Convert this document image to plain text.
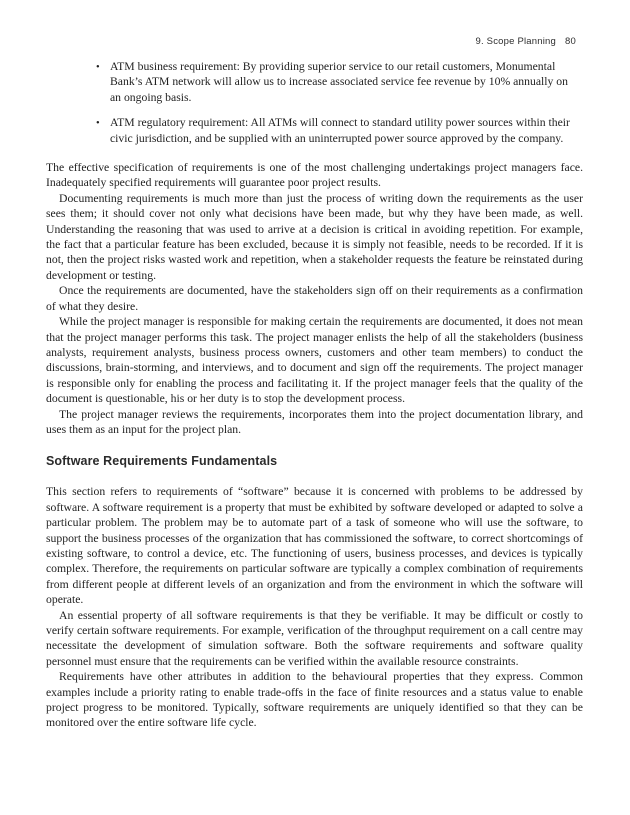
9. Scope Planning 80
• ATM business requirement: By providing superior service to our retail customers, Monumental Bank’s ATM network will allow us to increase associated service fee revenue by 10% annually on an ongoing basis.
• ATM regulatory requirement: All ATMs will connect to standard utility power sources within their civic jurisdiction, and be supplied with an uninterrupted power source approved by the company.

The effective specification of requirements is one of the most challenging undertakings project managers face. Inadequately specified requirements will guarantee poor project results.

Documenting requirements is much more than just the process of writing down the requirements as the user sees them; it should cover not only what decisions have been made, but why they have been made, as well. Understanding the reasoning that was used to arrive at a decision is critical in avoiding repetition. For example, the fact that a particular feature has been excluded, because it is simply not feasible, needs to be recorded. If it is not, then the project risks wasted work and repetition, when a stakeholder requests the feature be reinstated during development or testing.

Once the requirements are documented, have the stakeholders sign off on their requirements as a confirmation of what they desire.

While the project manager is responsible for making certain the requirements are documented, it does not mean that the project manager performs this task. The project manager enlists the help of all the stakeholders (business analysts, requirement analysts, business process owners, customers and other team members) to conduct the discussions, brain-storming, and interviews, and to document and sign off the requirements. The project manager is responsible only for enabling the process and facilitating it. If the project manager feels that the quality of the document is questionable, his or her duty is to stop the development process.

The project manager reviews the requirements, incorporates them into the project documentation library, and uses them as an input for the project plan.

Software Requirements Fundamentals

This section refers to requirements of “software” because it is concerned with problems to be addressed by software. A software requirement is a property that must be exhibited by software developed or adapted to solve a particular problem. The problem may be to automate part of a task of someone who will use the software, to support the business processes of the organization that has commissioned the software, to correct shortcomings of existing software, to control a device, etc. The functioning of users, business processes, and devices is typically complex. Therefore, the requirements on particular software are typically a complex combination of requirements from different people at different levels of an organization and from the environment in which the software will operate.

An essential property of all software requirements is that they be verifiable. It may be difficult or costly to verify certain software requirements. For example, verification of the throughput requirement on a call centre may necessitate the development of simulation software. Both the software requirements and software quality personnel must ensure that the requirements can be verified within the available resource constraints.

Requirements have other attributes in addition to the behavioural properties that they express. Common examples include a priority rating to enable trade-offs in the face of finite resources and a status value to enable project progress to be monitored. Typically, software requirements are uniquely identified so that they can be monitored over the entire software life cycle.
